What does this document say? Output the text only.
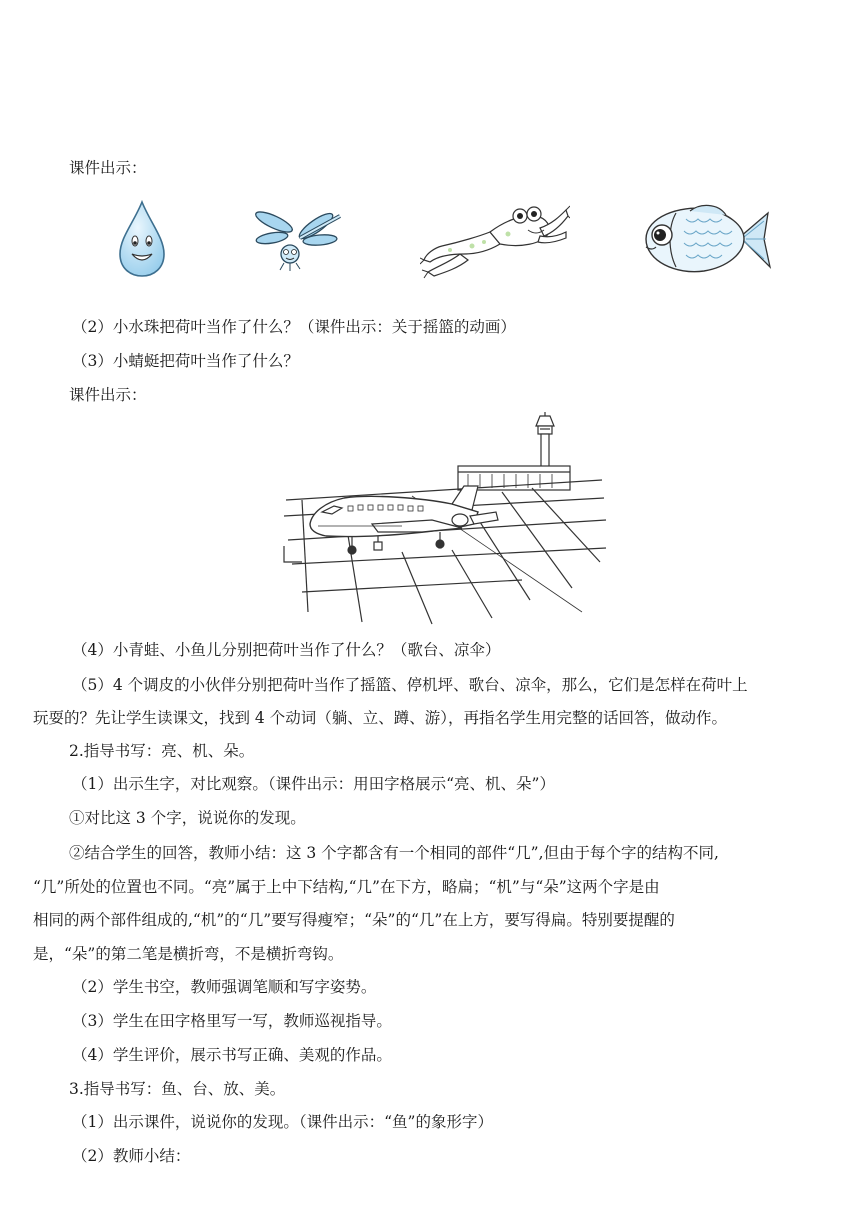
课件出示：
（2）小水珠把荷叶当作了什么？（课件出示：关于摇篮的动画）
（3）小蜻蜓把荷叶当作了什么？
课件出示：
（4）小青蛙、小鱼儿分别把荷叶当作了什么？（歌台、凉伞）
（5）4 个调皮的小伙伴分别把荷叶当作了摇篮、停机坪、歌台、凉伞，那么，它们是怎样在荷叶上
玩耍的？先让学生读课文，找到 4 个动词（躺、立、蹲、游），再指名学生用完整的话回答，做动作。
2.指导书写：亮、机、朵。
（1）出示生字，对比观察。（课件出示：用田字格展示“亮、机、朵”）
①对比这 3 个字，说说你的发现。
②结合学生的回答，教师小结：这 3 个字都含有一个相同的部件“几”,但由于每个字的结构不同,
“几”所处的位置也不同。“亮”属于上中下结构,“几”在下方，略扁；“机”与“朵”这两个字是由
相同的两个部件组成的,“机”的“几”要写得瘦窄；“朵”的“几”在上方，要写得扁。特别要提醒的
是，“朵”的第二笔是横折弯，不是横折弯钩。
（2）学生书空，教师强调笔顺和写字姿势。
（3）学生在田字格里写一写，教师巡视指导。
（4）学生评价，展示书写正确、美观的作品。
3.指导书写：鱼、台、放、美。
（1）出示课件，说说你的发现。（课件出示：“鱼”的象形字）
（2）教师小结：
